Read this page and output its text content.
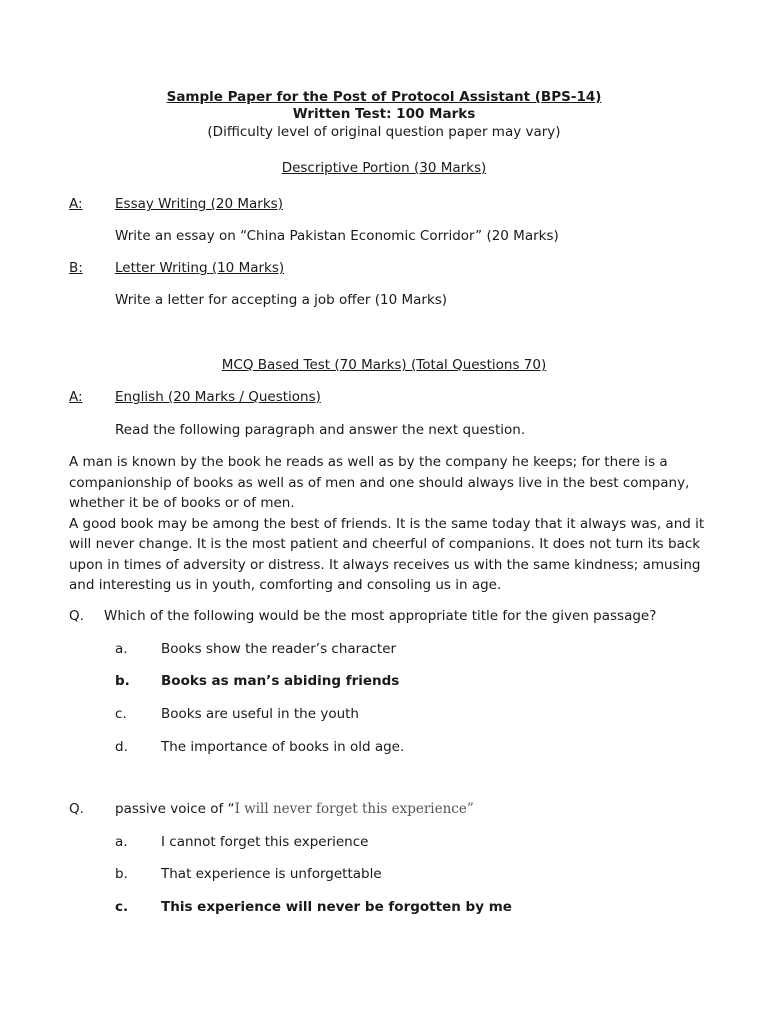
Sample Paper for the Post of Protocol Assistant (BPS-14)
Written Test: 100 Marks
(Difficulty level of original question paper may vary)
Descriptive Portion (30 Marks)
A: Essay Writing (20 Marks)
Write an essay on “China Pakistan Economic Corridor” (20 Marks)
B: Letter Writing (10 Marks)
Write a letter for accepting a job offer (10 Marks)
MCQ Based Test (70 Marks) (Total Questions 70)
A: English (20 Marks / Questions)
Read the following paragraph and answer the next question.

A man is known by the book he reads as well as by the company he keeps; for there is a companionship of books as well as of men and one should always live in the best company, whether it be of books or of men.

A good book may be among the best of friends. It is the same today that it always was, and it will never change. It is the most patient and cheerful of companions. It does not turn its back upon in times of adversity or distress. It always receives us with the same kindness; amusing and interesting us in youth, comforting and consoling us in age.

Q. Which of the following would be the most appropriate title for the given passage?
a. Books show the reader’s character
b. Books as man’s abiding friends
c.	Books are useful in the youth
d. The importance of books in old age.
Q. passive voice of “I will never forget this experience”
a. I cannot forget this experience
b. That experience is unforgettable
c. This experience will never be forgotten by me
